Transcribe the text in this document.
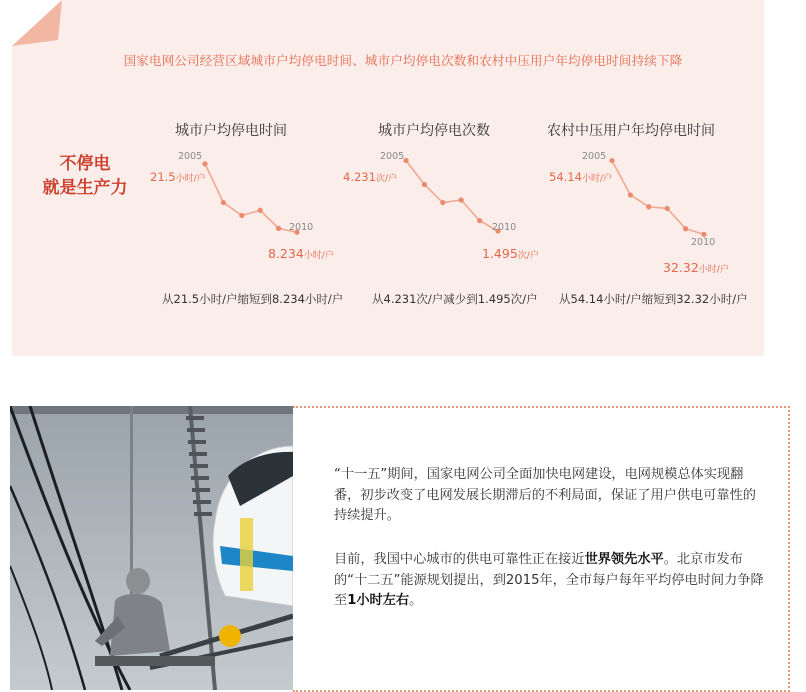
国家电网公司经营区域城市户均停电时间、城市户均停电次数和农村中压用户年均停电时间持续下降
不停电
就是生产力
城市户均停电时间	城市户均停电次数	农村中压用户年均停电时间
2005
2010
21.5小时/户
8.234小时/户
2005
2010
4.231次/户
1.495次/户
2005
2010
54.14小时/户
32.32小时/户
从21.5小时/户缩短到8.234小时/户 从4.231次/户减少到1.495次/户 从54.14小时/户缩短到32.32小时/户
“十一五”期间，国家电网公司全面加快电网建设，电网规模总体实现翻番，初步改变了电网发展长期滞后的不利局面，保证了用户供电可靠性的持续提升。
目前，我国中心城市的供电可靠性正在接近世界领先水平。北京市发布的“十二五”能源规划提出，到2015年，全市每户每年平均停电时间力争降至1小时左右。
